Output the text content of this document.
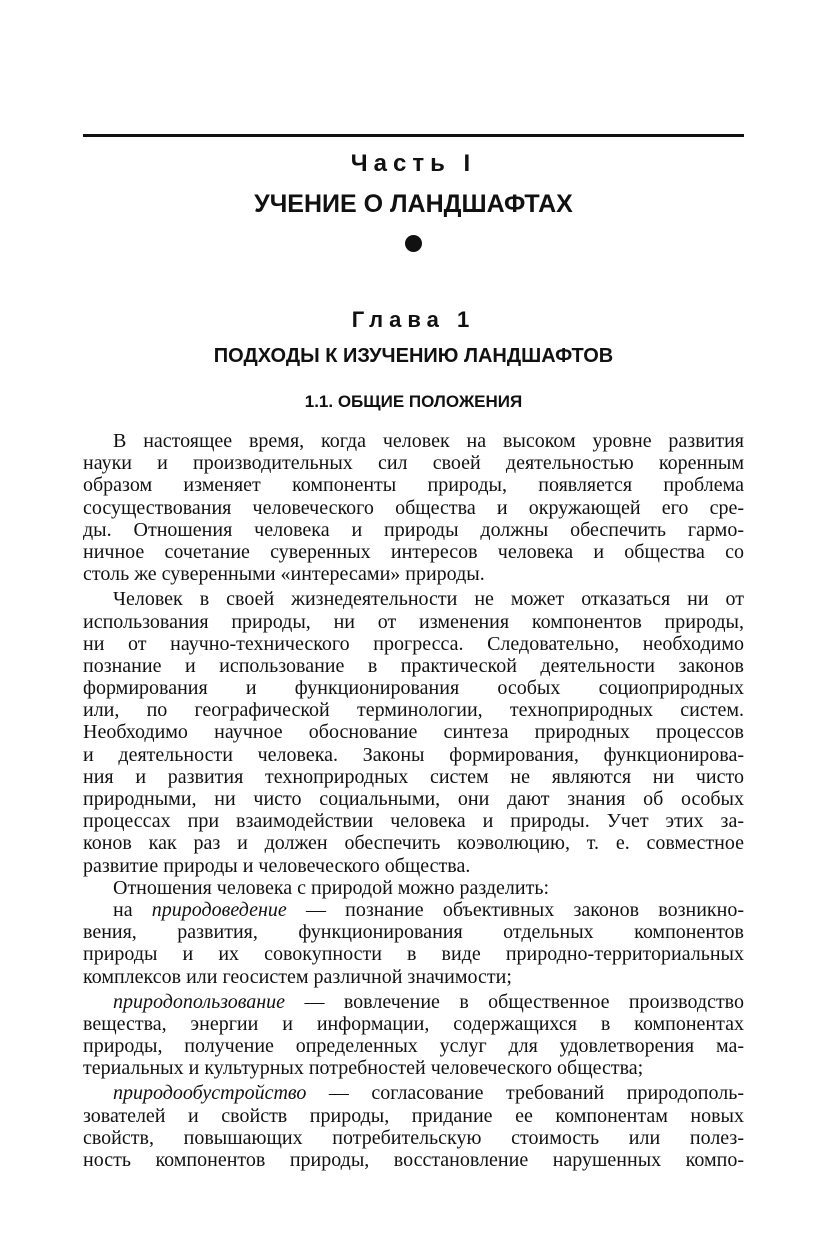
Часть I
УЧЕНИЕ О ЛАНДШАФТАХ
Глава 1
ПОДХОДЫ К ИЗУЧЕНИЮ ЛАНДШАФТОВ
1.1. ОБЩИЕ ПОЛОЖЕНИЯ
В настоящее время, когда человек на высоком уровне развития
науки и производительных сил своей деятельностью коренным
образом изменяет компоненты природы, появляется проблема
сосуществования человеческого общества и окружающей его сре-
ды. Отношения человека и природы должны обеспечить гармо-
ничное сочетание суверенных интересов человека и общества со
столь же суверенными «интересами» природы.
Человек в своей жизнедеятельности не может отказаться ни от
использования природы, ни от изменения компонентов природы,
ни от научно-технического прогресса. Следовательно, необходимо
познание и использование в практической деятельности законов
формирования и функционирования особых социоприродных
или, по географической терминологии, технoприродных систем.
Необходимо научное обоснование синтеза природных процессов
и деятельности человека. Законы формирования, функционирова-
ния и развития технoприродных систем не являются ни чисто
природными, ни чисто социальными, они дают знания об особых
процессах при взаимодействии человека и природы. Учет этих за-
конов как раз и должен обеспечить коэволюцию, т. е. совместное
развитие природы и человеческого общества.
Отношения человека с природой можно разделить:
на природоведение — познание объективных законов возникно-
вения, развития, функционирования отдельных компонентов
природы и их совокупности в виде природно-территориальных
комплексов или геосистем различной значимости;
природопользование — вовлечение в общественное производство
вещества, энергии и информации, содержащихся в компонентах
природы, получение определенных услуг для удовлетворения ма-
териальных и культурных потребностей человеческого общества;
природообустройство — согласование требований природополь-
зователей и свойств природы, придание ее компонентам новых
свойств, повышающих потребительскую стоимость или полез-
ность компонентов природы, восстановление нарушенных компо-
